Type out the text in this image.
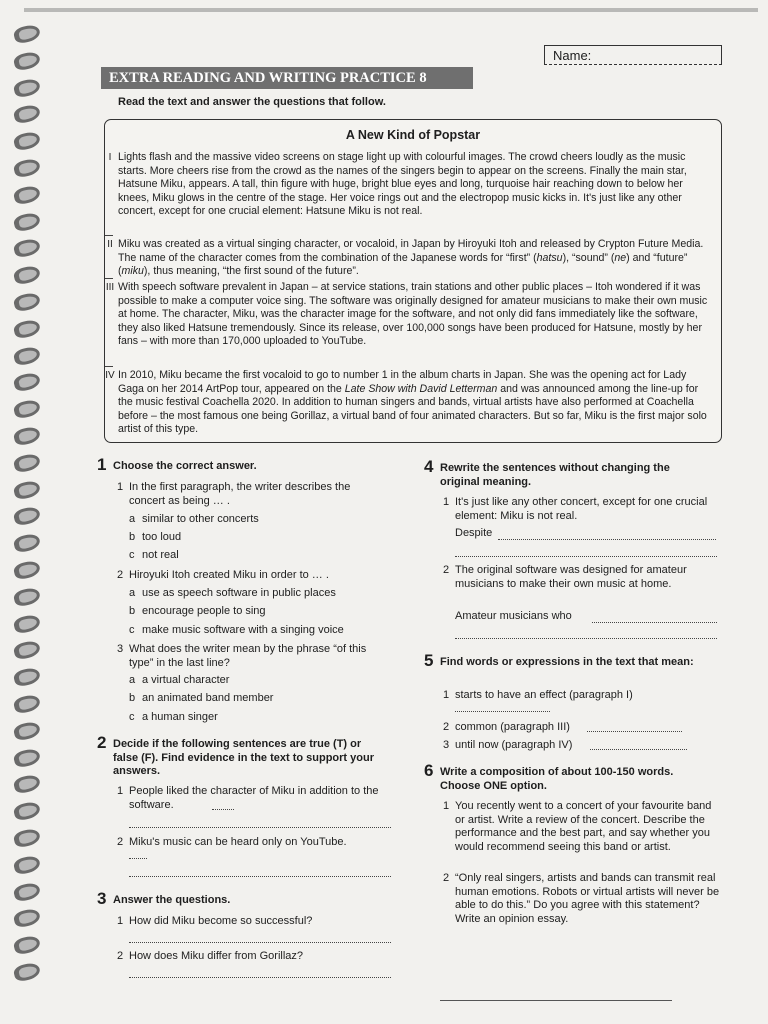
Name:
EXTRA READING AND WRITING PRACTICE 8
Read the text and answer the questions that follow.
A New Kind of Popstar
I Lights flash and the massive video screens on stage light up with colourful images. The crowd cheers loudly as the music starts. More cheers rise from the crowd as the names of the singers begin to appear on the screens. Finally the main star, Hatsune Miku, appears. A tall, thin figure with huge, bright blue eyes and long, turquoise hair reaching down to below her knees, Miku glows in the centre of the stage. Her voice rings out and the electropop music kicks in. It's just like any other concert, except for one crucial element: Hatsune Miku is not real.
II Miku was created as a virtual singing character, or vocaloid, in Japan by Hiroyuki Itoh and released by Crypton Future Media. The name of the character comes from the combination of the Japanese words for “first” (hatsu), “sound” (ne) and “future” (miku), thus meaning, “the first sound of the future”.
III With speech software prevalent in Japan – at service stations, train stations and other public places – Itoh wondered if it was possible to make a computer voice sing. The software was originally designed for amateur musicians to make their own music at home. The character, Miku, was the character image for the software, and not only did fans immediately like the software, they also liked Hatsune tremendously. Since its release, over 100,000 songs have been produced for Hatsune, mostly by her fans – with more than 170,000 uploaded to YouTube.
IV In 2010, Miku became the first vocaloid to go to number 1 in the album charts in Japan. She was the opening act for Lady Gaga on her 2014 ArtPop tour, appeared on the Late Show with David Letterman and was announced among the line-up for the music festival Coachella 2020. In addition to human singers and bands, virtual artists have also performed at Coachella before – the most famous one being Gorillaz, a virtual band of four animated characters. But so far, Miku is the first major solo artist of this type.
1 Choose the correct answer.
1 In the first paragraph, the writer describes the concert as being … .
a similar to other concerts
b too loud
c not real
2 Hiroyuki Itoh created Miku in order to … .
a use as speech software in public places
b encourage people to sing
c make music software with a singing voice
3 What does the writer mean by the phrase “of this type” in the last line?
a a virtual character
b an animated band member
c a human singer
2 Decide if the following sentences are true (T) or false (F). Find evidence in the text to support your answers.
1 People liked the character of Miku in addition to the software.
2 Miku's music can be heard only on YouTube.
3 Answer the questions.
1 How did Miku become so successful?
2 How does Miku differ from Gorillaz?
4 Rewrite the sentences without changing the original meaning.
1 It's just like any other concert, except for one crucial element: Miku is not real.
Despite
2 The original software was designed for amateur musicians to make their own music at home.
Amateur musicians who
5 Find words or expressions in the text that mean:
1 starts to have an effect (paragraph I)
2 common (paragraph III)
3 until now (paragraph IV)
6 Write a composition of about 100-150 words. Choose ONE option.
1 You recently went to a concert of your favourite band or artist. Write a review of the concert. Describe the performance and the best part, and say whether you would recommend seeing this band or artist.
2 “Only real singers, artists and bands can transmit real human emotions. Robots or virtual artists will never be able to do this.” Do you agree with this statement? Write an opinion essay.
